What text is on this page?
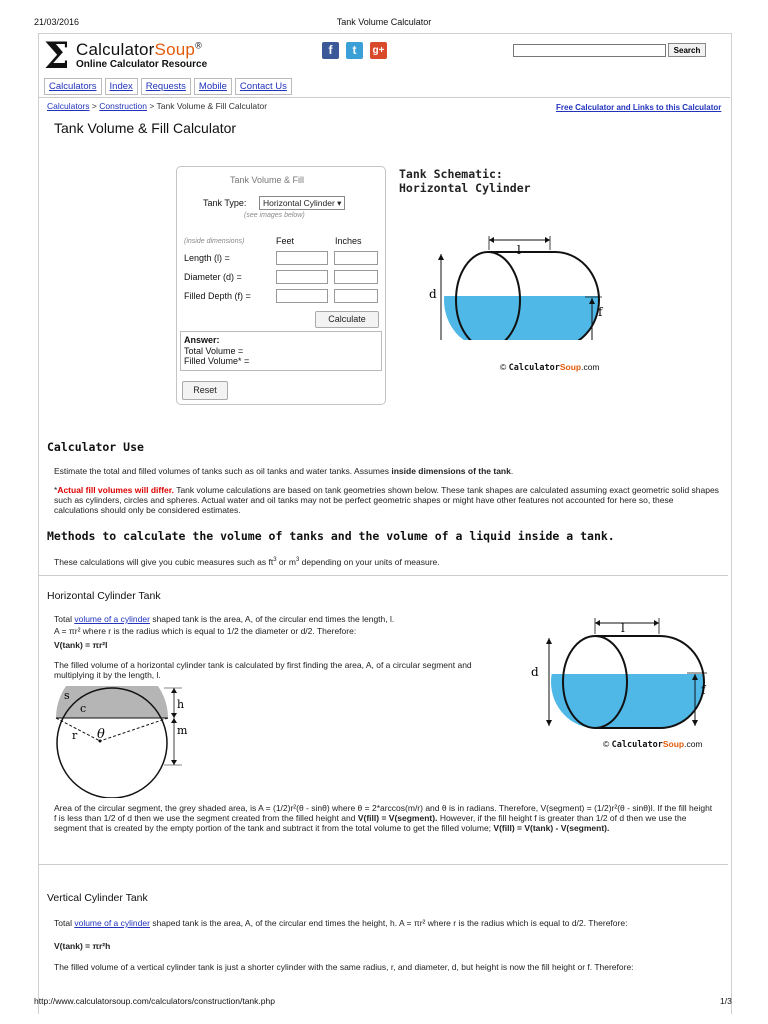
21/03/2016	Tank Volume Calculator
Σ CalculatorSoup®
Online Calculator Resource
f	t	g+	Search
Calculators	Index	Requests	Mobile	Contact Us
Calculators > Construction > Tank Volume & Fill Calculator	Free Calculator and Links to this Calculator
Tank Volume & Fill Calculator
Tank Volume & Fill
Tank Type:	Horizontal Cylinder ▾
(see images below)
(inside dimensions)	Feet	Inches
Length (l) =
Diameter (d) =
Filled Depth (f) =
Calculate
Answer:
Total Volume =
Filled Volume* =
Reset
Tank Schematic:
Horizontal Cylinder
l
d
f
© CalculatorSoup.com
Calculator Use
Estimate the total and filled volumes of tanks such as oil tanks and water tanks. Assumes inside dimensions of the tank.
*Actual fill volumes will differ. Tank volume calculations are based on tank geometries shown below. These tank shapes are calculated assuming exact geometric solid shapes such as cylinders, circles and spheres. Actual water and oil tanks may not be perfect geometric shapes or might have other features not accounted for here so, these calculations should only be considered estimates.
Methods to calculate the volume of tanks and the volume of a liquid inside a tank.
These calculations will give you cubic measures such as $ft^3$ or $m^3$ depending on your units of measure.
Horizontal Cylinder Tank
Total volume of a cylinder shaped tank is the area, A, of the circular end times the length, l.
A = πr² where r is the radius which is equal to 1/2 the diameter or d/2. Therefore:
V(tank) = πr²l
The filled volume of a horizontal cylinder tank is calculated by first finding the area, A, of a circular segment and multiplying it by the length, l.
s
c	h
m
r θ
l
d
f
© CalculatorSoup.com
Area of the circular segment, the grey shaded area, is A = (1/2)r²(θ - sinθ) where θ = 2*arccos(m/r) and θ is in radians. Therefore, V(segment) = (1/2)r²(θ - sinθ)l. If the fill height f is less than 1/2 of d then we use the segment created from the filled height and V(fill) = V(segment). However, if the fill height f is greater than 1/2 of d then we use the segment that is created by the empty portion of the tank and subtract it from the total volume to get the filled volume; V(fill) = V(tank) - V(segment).
Vertical Cylinder Tank
Total volume of a cylinder shaped tank is the area, A, of the circular end times the height, h. A = πr² where r is the radius which is equal to d/2. Therefore:
V(tank) = πr²h
The filled volume of a vertical cylinder tank is just a shorter cylinder with the same radius, r, and diameter, d, but height is now the fill height or f. Therefore:
http://www.calculatorsoup.com/calculators/construction/tank.php	1/3
